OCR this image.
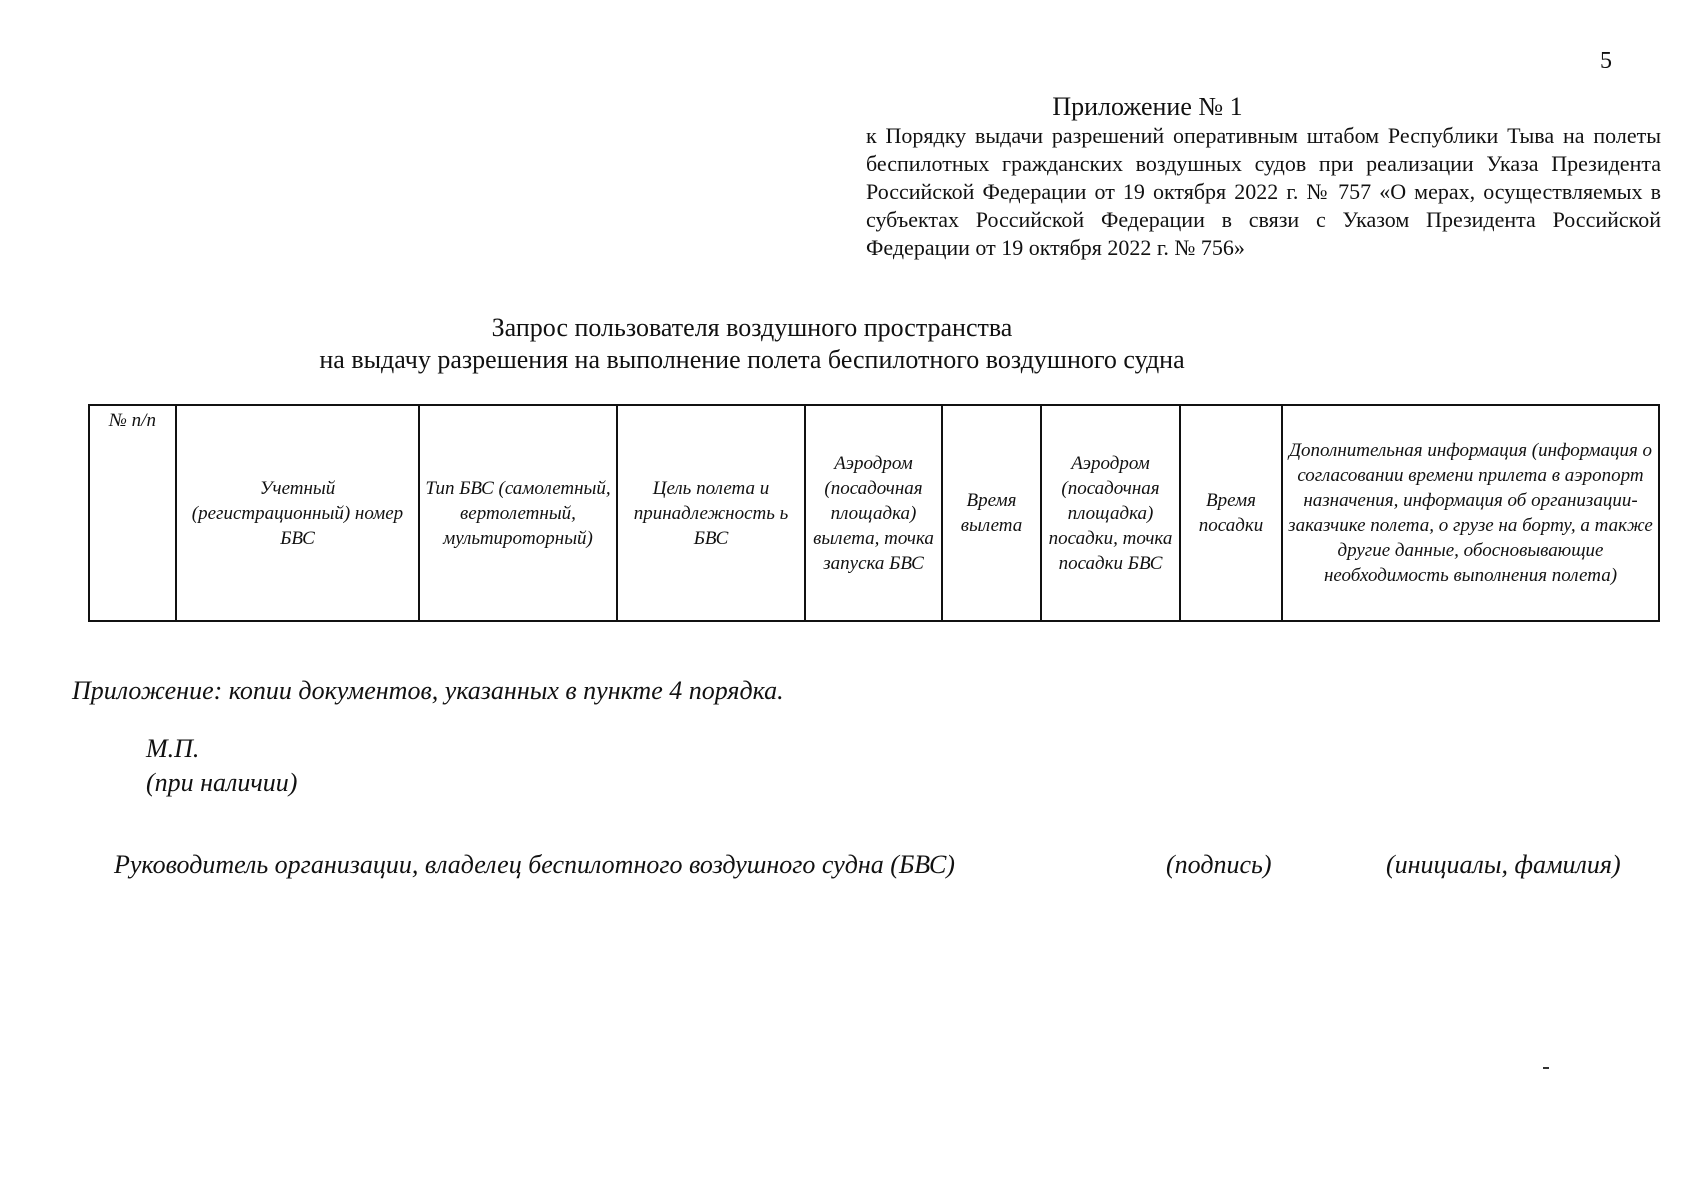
5
Приложение № 1
к Порядку выдачи разрешений оперативным штабом Республики Тыва на полеты беспилотных гражданских воздушных судов при реализации Указа Президента Российской Федерации от 19 октября 2022 г. № 757 «О мерах, осуществляемых в субъектах Российской Федерации в связи с Указом Президента Российской Федерации от 19 октября 2022 г. № 756»
Запрос пользователя воздушного пространства
на выдачу разрешения на выполнение полета беспилотного воздушного судна
№ п/п	Учетный (регистрационный) номер БВС	Тип БВС (самолетный, вертолетный, мультироторный)	Цель полета и принадлежность ь БВС	Аэродром (посадочная площадка) вылета, точка запуска БВС	Время вылета	Аэродром (посадочная площадка) посадки, точка посадки БВС	Время посадки	Дополнительная информация (информация о согласовании времени прилета в аэропорт назначения, информация об организации-заказчике полета, о грузе на борту, а также другие данные, обосновывающие необходимость выполнения полета)
Приложение: копии документов, указанных в пункте 4 порядка.
М.П.
(при наличии)
Руководитель организации, владелец беспилотного воздушного судна (БВС)	(подпись)	(инициалы, фамилия)
